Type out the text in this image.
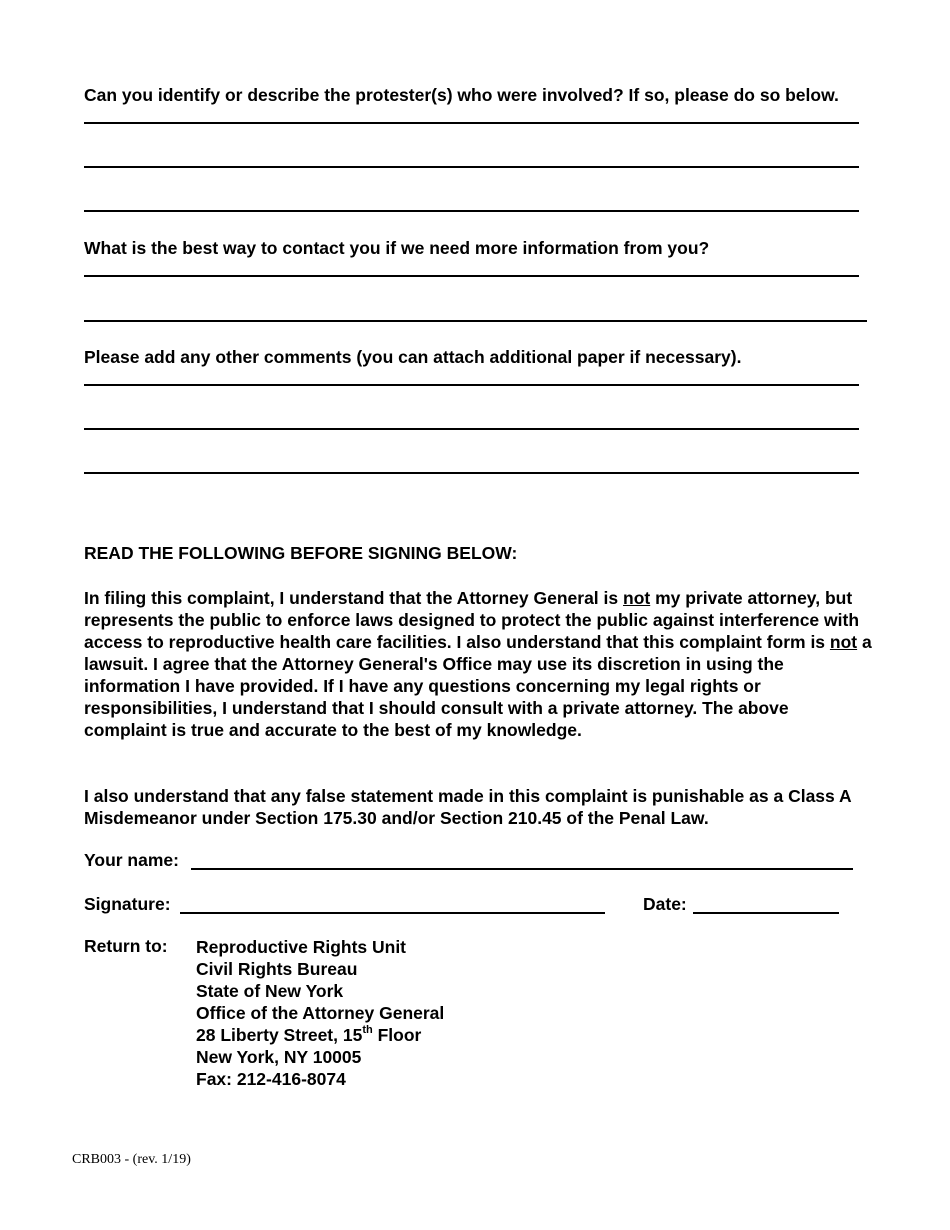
Can you identify or describe the protester(s) who were involved? If so, please do so below.
What is the best way to contact you if we need more information from you?
Please add any other comments (you can attach additional paper if necessary).
READ THE FOLLOWING BEFORE SIGNING BELOW:
In filing this complaint, I understand that the Attorney General is not my private attorney, but represents the public to enforce laws designed to protect the public against interference with access to reproductive health care facilities. I also understand that this complaint form is not a lawsuit. I agree that the Attorney General's Office may use its discretion in using the information I have provided. If I have any questions concerning my legal rights or responsibilities, I understand that I should consult with a private attorney. The above complaint is true and accurate to the best of my knowledge.
I also understand that any false statement made in this complaint is punishable as a Class A Misdemeanor under Section 175.30 and/or Section 210.45 of the Penal Law.
Your name:
Signature:	Date:
Return to: Reproductive Rights Unit
Civil Rights Bureau
State of New York
Office of the Attorney General
28 Liberty Street, 15th Floor
New York, NY 10005
Fax: 212-416-8074
CRB003 - (rev. 1/19)
